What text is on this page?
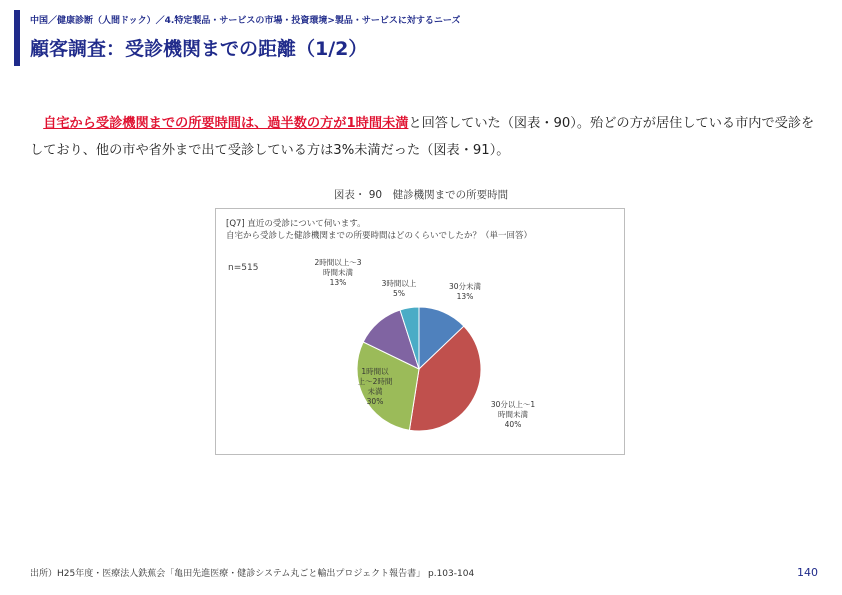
中国／健康診断（人間ドック）／4.特定製品・サービスの市場・投資環境>製品・サービスに対するニーズ
顧客調査：受診機関までの距離（1/2）
　自宅から受診機関までの所要時間は、過半数の方が1時間未満と回答していた（図表・90）。殆どの方が居住している市内で受診をしており、他の市や省外まで出て受診している方は3%未満だった（図表・91）。
図表・ 90　健診機関までの所要時間
[Q7] 直近の受診について伺います。
自宅から受診した健診機関までの所要時間はどのくらいでしたか？（単一回答）
n=515
30分未満 13%
30分以上～1 時間未満 40%
1時間以上～2時間未満 30%
2時間以上～3 時間未満 13%	3時間以上 5%
出所）H25年度・医療法人鉄蕉会「亀田先進医療・健診システム丸ごと輸出プロジェクト報告書」 p.103-104	140
